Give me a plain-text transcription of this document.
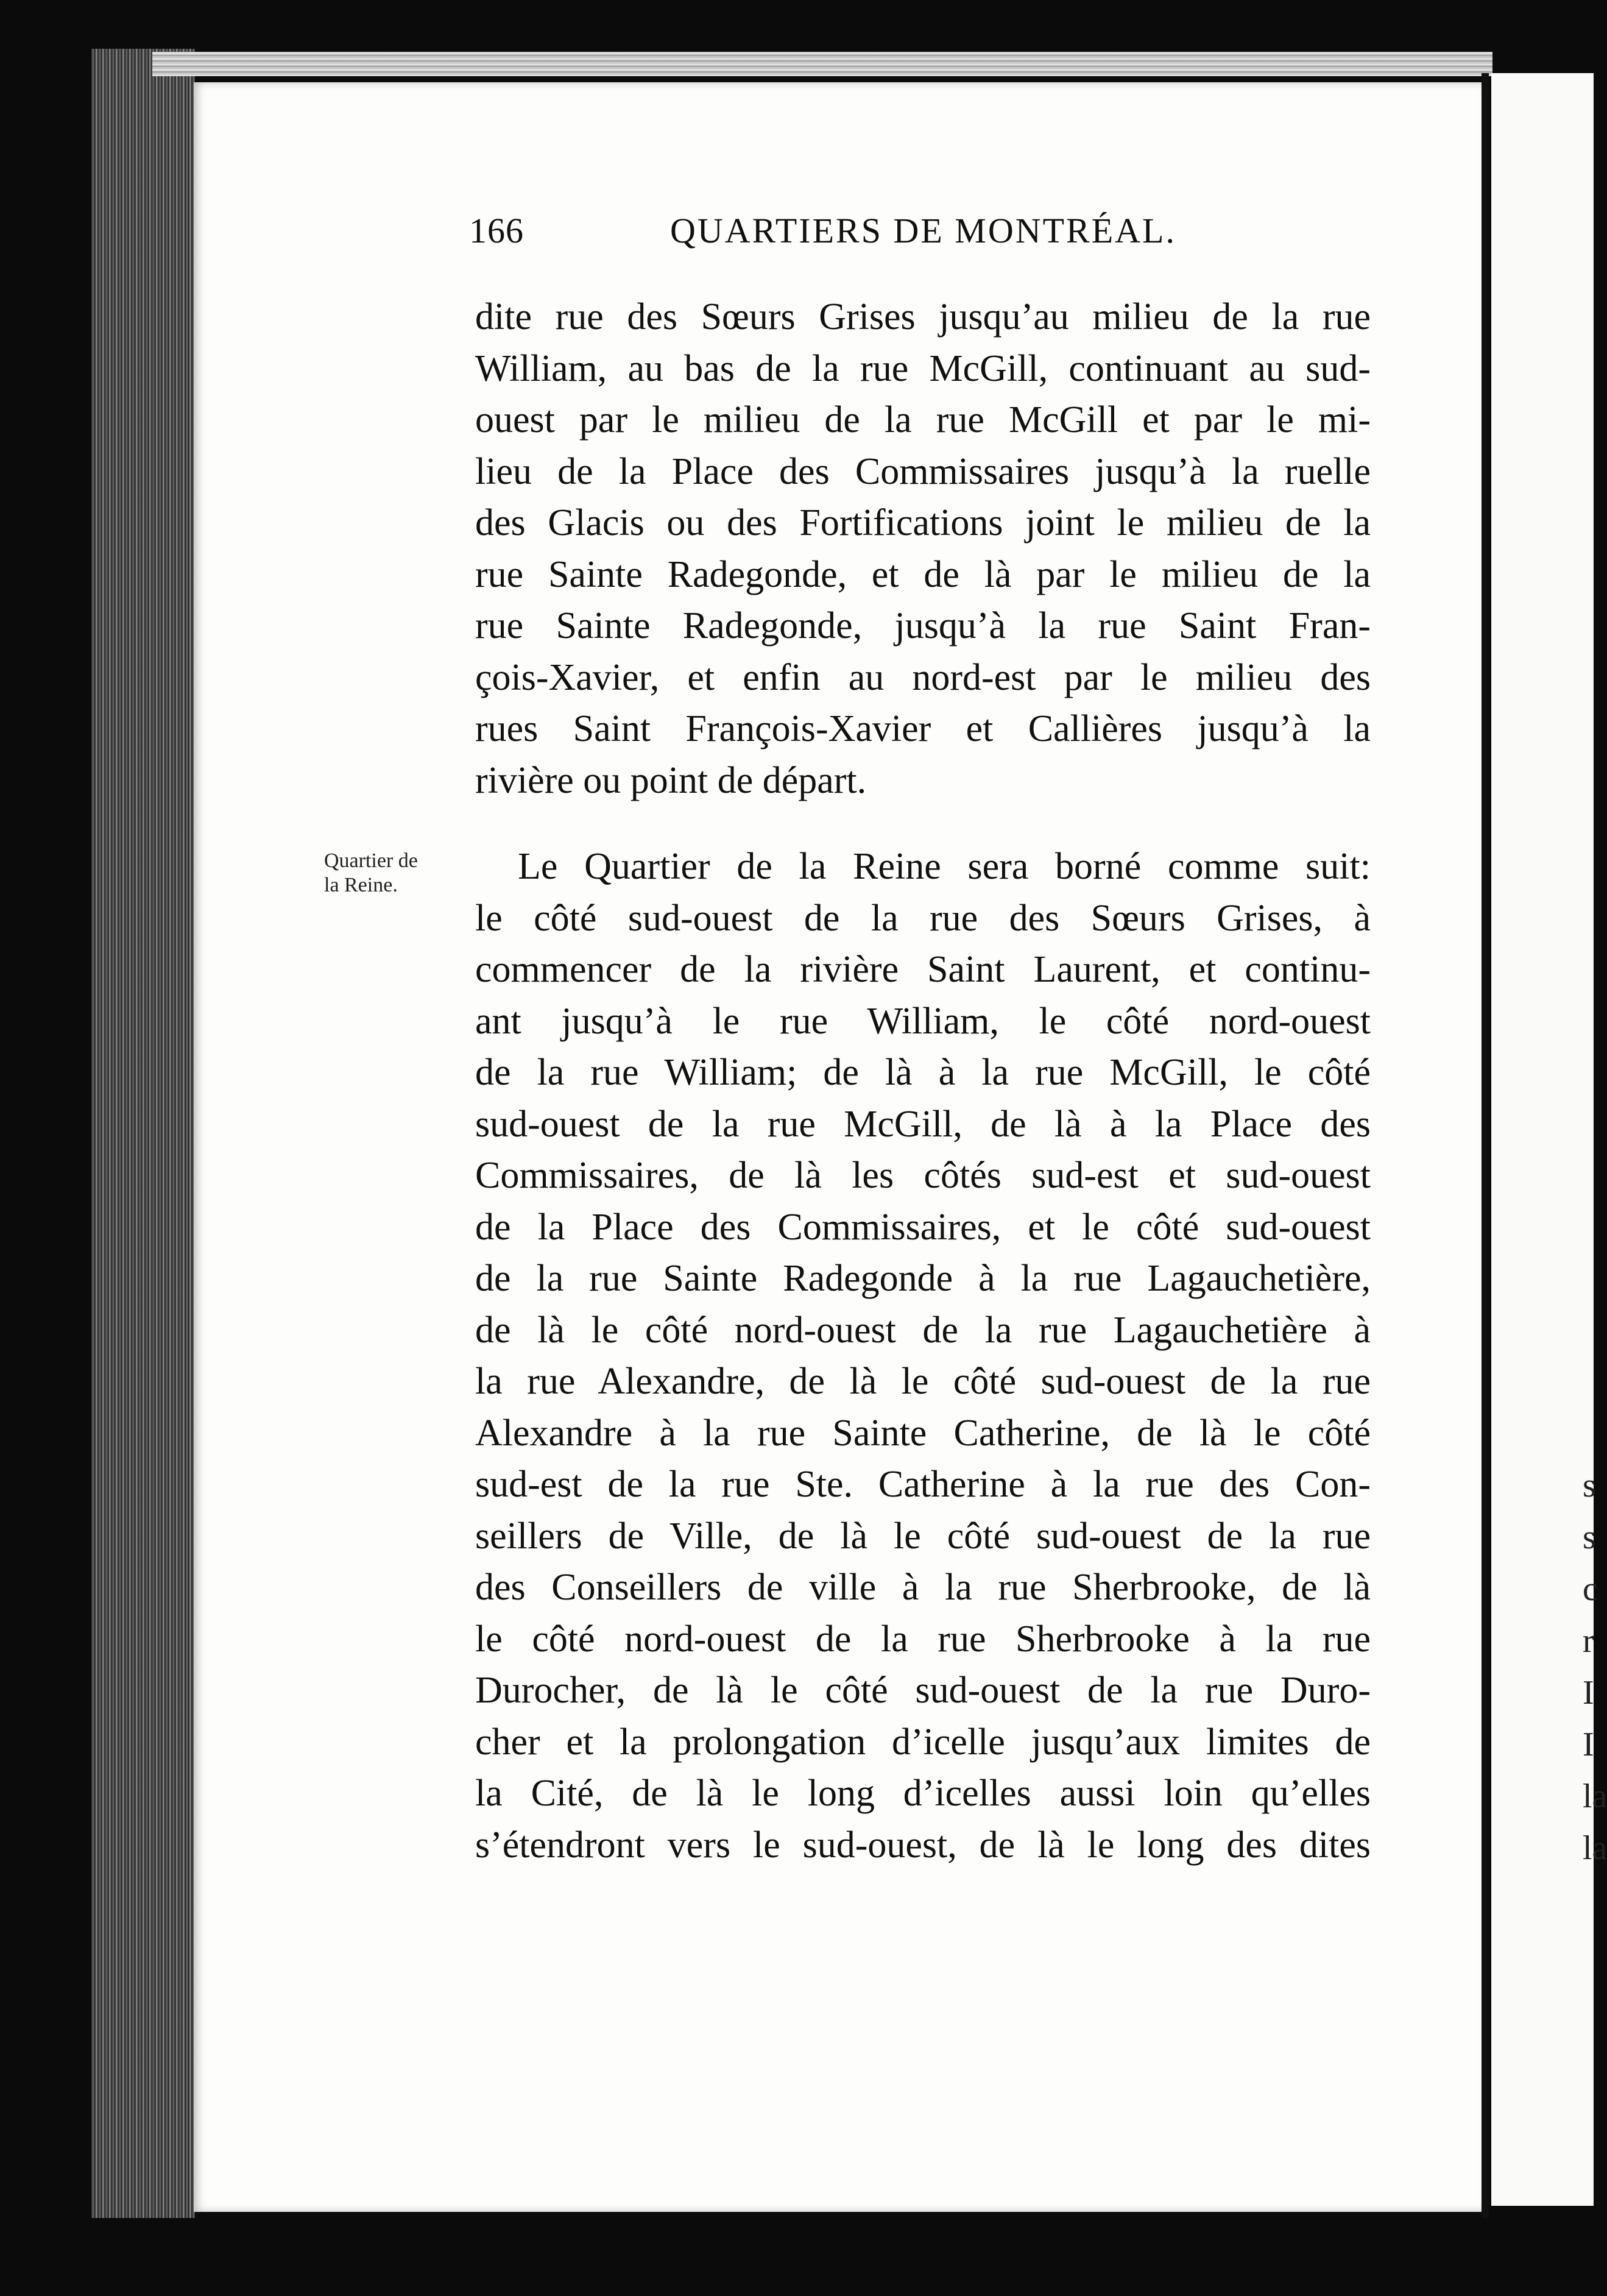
s
s
c
r
I
I
la
la
166	QUARTIERS DE MONTRÉAL.
dite rue des Sœurs Grises jusqu’au milieu de la rue
William, au bas de la rue McGill, continuant au sud-
ouest par le milieu de la rue McGill et par le mi-
lieu de la Place des Commissaires jusqu’à la ruelle
des Glacis ou des Fortifications joint le milieu de la
rue Sainte Radegonde, et de là par le milieu de la
rue Sainte Radegonde, jusqu’à la rue Saint Fran-
çois-Xavier, et enfin au nord-est par le milieu des
rues Saint François-Xavier et Callières jusqu’à la
rivière ou point de départ.
Quartier de
la Reine.	Le Quartier de la Reine sera borné comme suit:
le côté sud-ouest de la rue des Sœurs Grises, à
commencer de la rivière Saint Laurent, et continu-
ant jusqu’à le rue William, le côté nord-ouest
de la rue William; de là à la rue McGill, le côté
sud-ouest de la rue McGill, de là à la Place des
Commissaires, de là les côtés sud-est et sud-ouest
de la Place des Commissaires, et le côté sud-ouest
de la rue Sainte Radegonde à la rue Lagauchetière,
de là le côté nord-ouest de la rue Lagauchetière à
la rue Alexandre, de là le côté sud-ouest de la rue
Alexandre à la rue Sainte Catherine, de là le côté
sud-est de la rue Ste. Catherine à la rue des Con-
seillers de Ville, de là le côté sud-ouest de la rue
des Conseillers de ville à la rue Sherbrooke, de là
le côté nord-ouest de la rue Sherbrooke à la rue
Durocher, de là le côté sud-ouest de la rue Duro-
cher et la prolongation d’icelle jusqu’aux limites de
la Cité, de là le long d’icelles aussi loin qu’elles
s’étendront vers le sud-ouest, de là le long des dites
